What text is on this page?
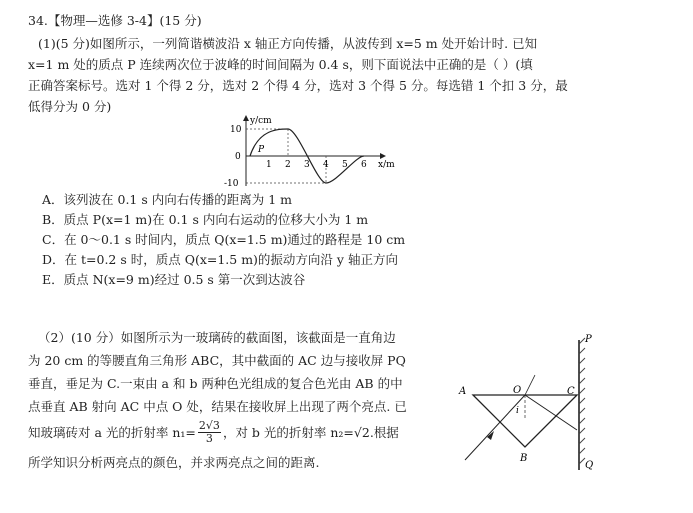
34.【物理—选修 3-4】(15 分)
(1)(5 分)如图所示，一列简谐横波沿 x 轴正方向传播，从波传到 x=5 m 处开始计时. 已知
x=1 m 处的质点 P 连续两次位于波峰的时间间隔为 0.4 s，则下面说法中正确的是（ ）(填
正确答案标号。选对 1 个得 2 分，选对 2 个得 4 分，选对 3 个得 5 分。每选错 1 个扣 3 分，最
低得分为 0 分)
y/cm
x/m
10
0
-10
1 2 3 4 5 6
P
A．该列波在 0.1 s 内向右传播的距离为 1 m
B．质点 P(x=1 m)在 0.1 s 内向右运动的位移大小为 1 m
C．在 0～0.1 s 时间内，质点 Q(x=1.5 m)通过的路程是 10 cm
D．在 t=0.2 s 时，质点 Q(x=1.5 m)的振动方向沿 y 轴正方向
E．质点 N(x=9 m)经过 0.5 s 第一次到达波谷
（2）(10 分）如图所示为一玻璃砖的截面图，该截面是一直角边
为 20 cm 的等腰直角三角形 ABC，其中截面的 AC 边与接收屏 PQ
垂直，垂足为 C.一束由 a 和 b 两种色光组成的复合色光由 AB 的中
点垂直 AB 射向 AC 中点 O 处，结果在接收屏上出现了两个亮点. 已
知玻璃砖对 a 光的折射率 $n_1= \frac{2√3}{3}$ ，对 b 光的折射率 n₂=√2.根据
所学知识分析两亮点的颜色，并求两亮点之间的距离.
A	C
O
B
P
Q
i
